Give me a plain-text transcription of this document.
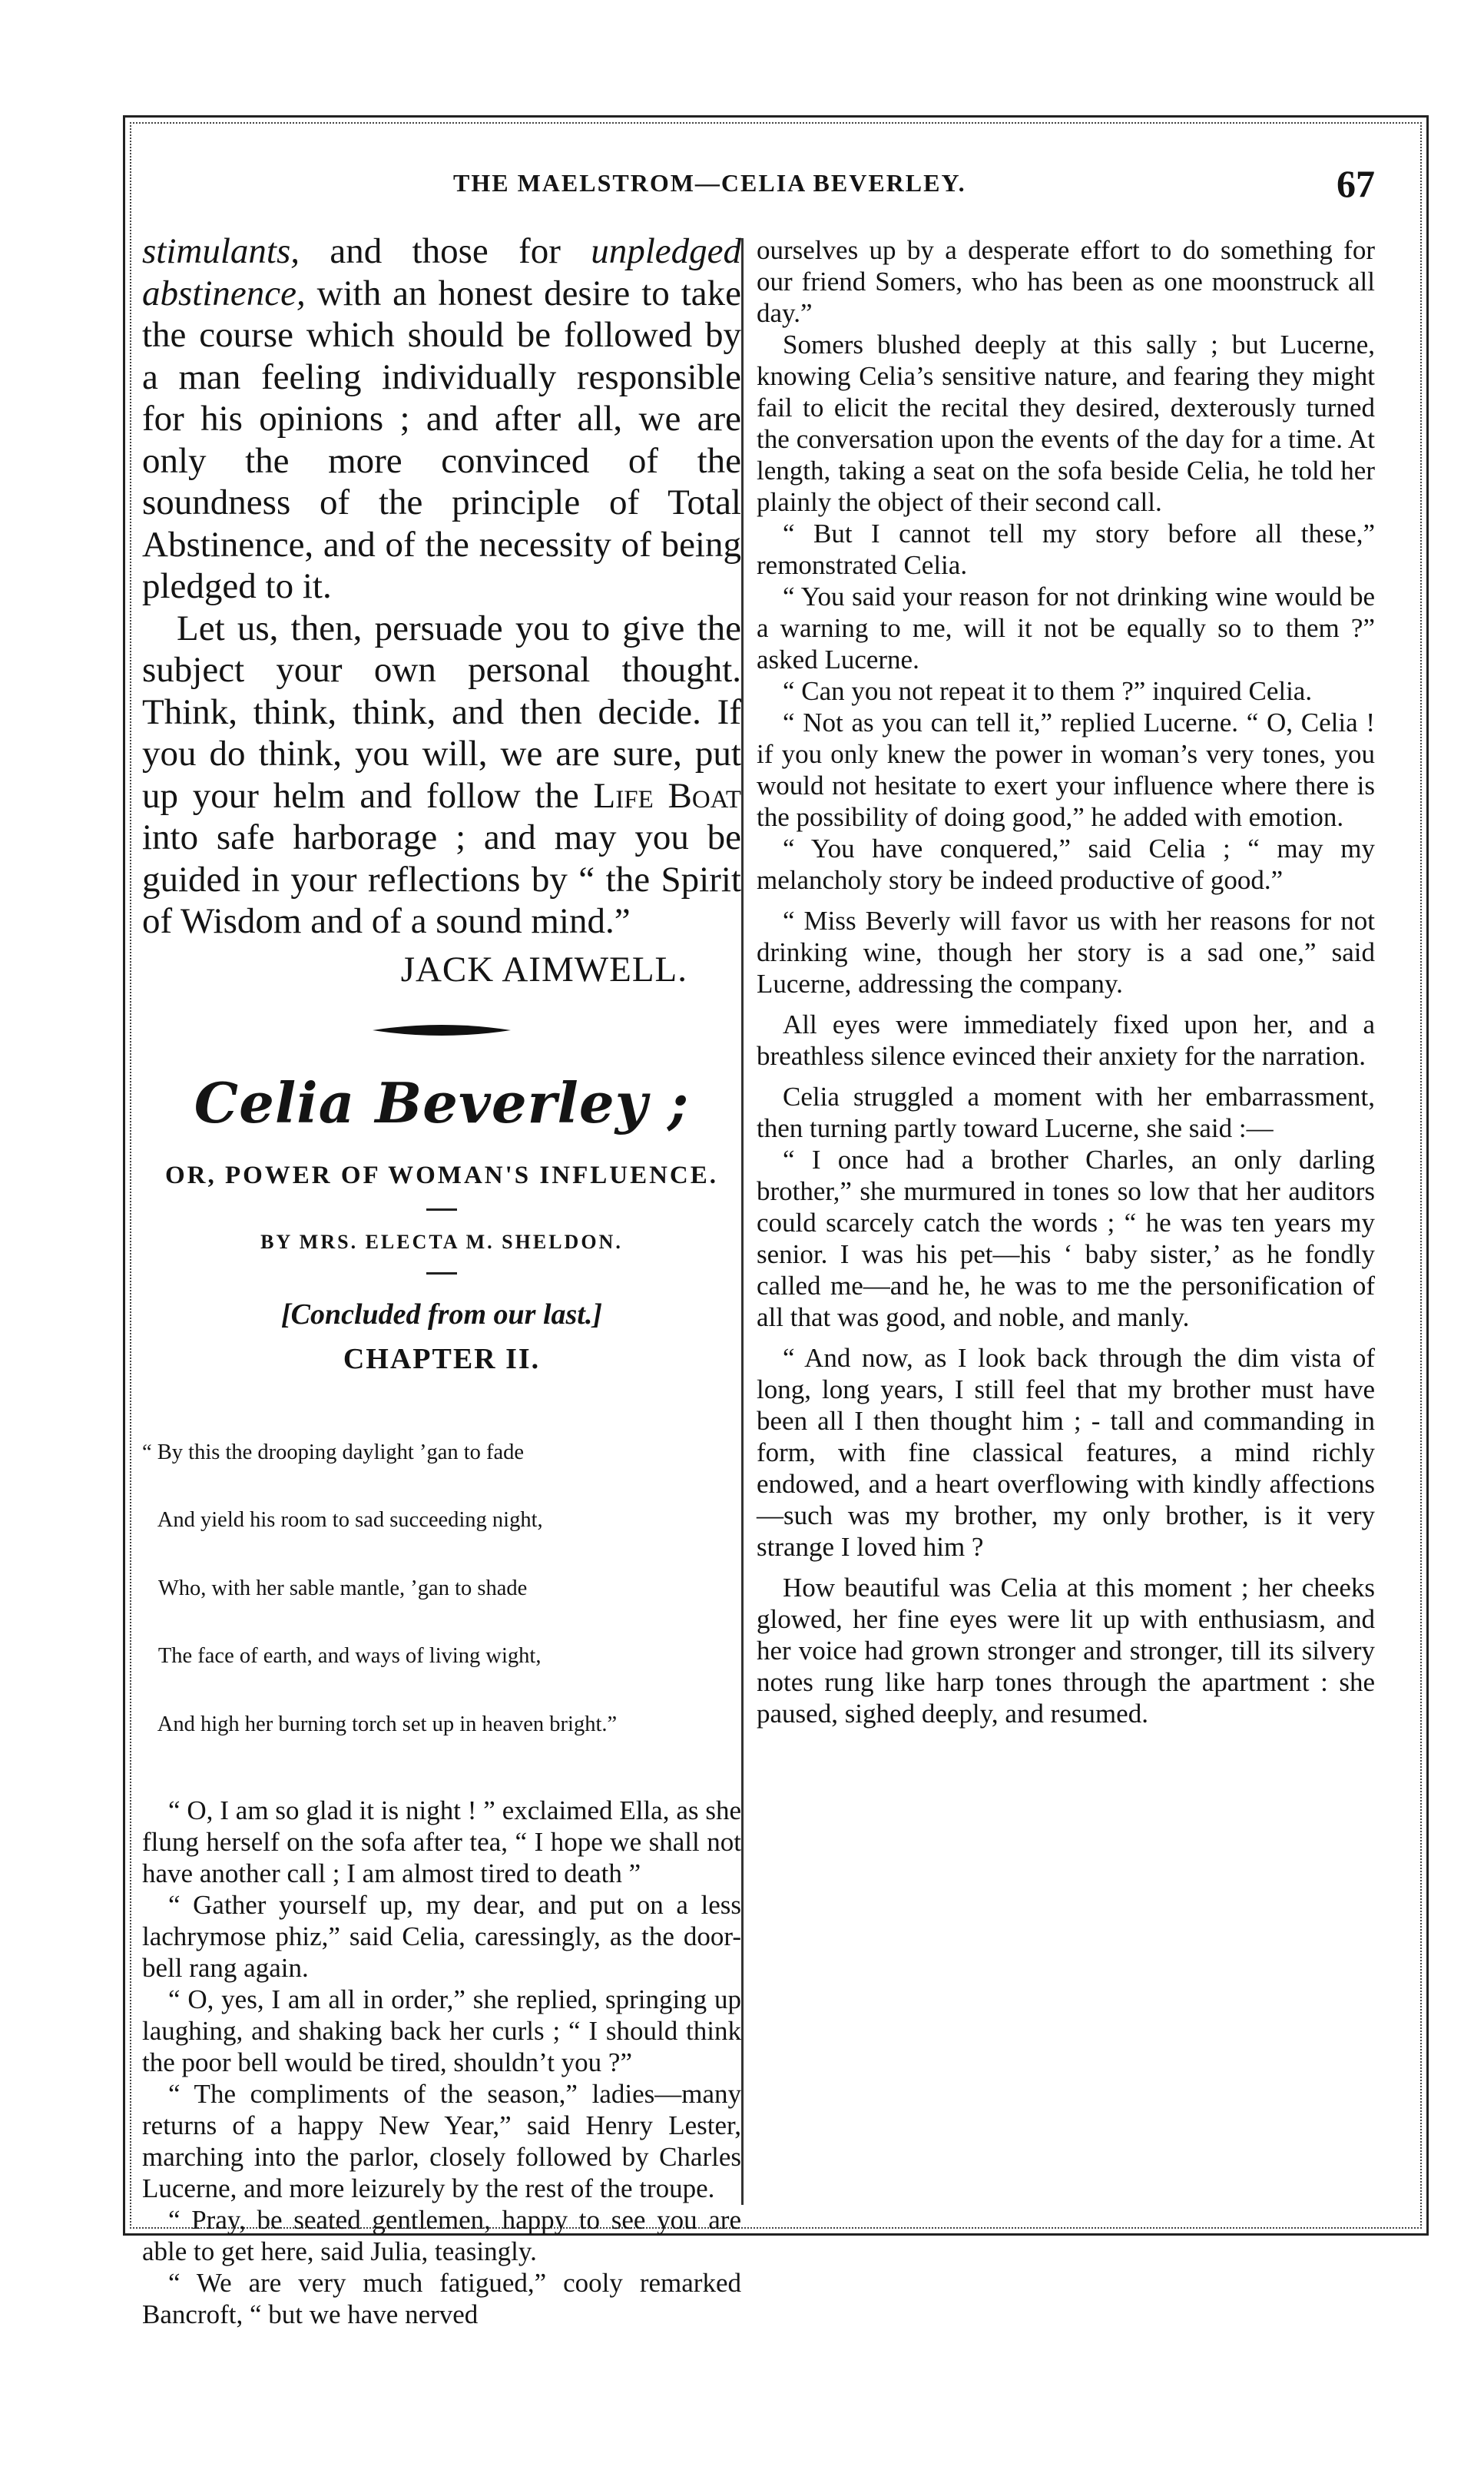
THE MAELSTROM—CELIA BEVERLEY.	67

stimulants, and those for unpledged abstinence, with an honest desire to take the course which should be followed by a man feeling individually responsible for his opinions ; and after all, we are only the more convinced of the soundness of the principle of Total Abstinence, and of the necessity of being pledged to it.

Let us, then, persuade you to give the subject your own personal thought. Think, think, think, and then decide. If you do think, you will, we are sure, put up your helm and follow the Life Boat into safe harborage ; and may you be guided in your reflections by “ the Spirit of Wisdom and of a sound mind.”

JACK AIMWELL.
Celia Beverley ;
OR, POWER OF WOMAN'S INFLUENCE.
BY MRS. ELECTA M. SHELDON.
[Concluded from our last.]
CHAPTER II.

“ By this the drooping daylight ’gan to fade

And yield his room to sad succeeding night,

Who, with her sable mantle, ’gan to shade

The face of earth, and ways of living wight,

And high her burning torch set up in heaven bright.”

“ O, I am so glad it is night ! ” exclaimed Ella, as she flung herself on the sofa after tea, “ I hope we shall not have another call ; I am almost tired to death ”

“ Gather yourself up, my dear, and put on a less lachrymose phiz,” said Celia, caressingly, as the door-bell rang again.

“ O, yes, I am all in order,” she replied, springing up laughing, and shaking back her curls ; “ I should think the poor bell would be tired, shouldn’t you ?”

“ The compliments of the season,” ladies—many returns of a happy New Year,” said Henry Lester, marching into the parlor, closely followed by Charles Lucerne, and more leizurely by the rest of the troupe.

“ Pray, be seated gentlemen, happy to see you are able to get here, said Julia, teasingly.

“ We are very much fatigued,” cooly remarked Bancroft, “ but we have nerved

ourselves up by a desperate effort to do something for our friend Somers, who has been as one moonstruck all day.”

Somers blushed deeply at this sally ; but Lucerne, knowing Celia’s sensitive nature, and fearing they might fail to elicit the recital they desired, dexterously turned the conversation upon the events of the day for a time. At length, taking a seat on the sofa beside Celia, he told her plainly the object of their second call.

“ But I cannot tell my story before all these,” remonstrated Celia.

“ You said your reason for not drinking wine would be a warning to me, will it not be equally so to them ?” asked Lucerne.

“ Can you not repeat it to them ?” inquired Celia.

“ Not as you can tell it,” replied Lucerne. “ O, Celia ! if you only knew the power in woman’s very tones, you would not hesitate to exert your influence where there is the possibility of doing good,” he added with emotion.

“ You have conquered,” said Celia ; “ may my melancholy story be indeed productive of good.”

“ Miss Beverly will favor us with her reasons for not drinking wine, though her story is a sad one,” said Lucerne, addressing the company.

All eyes were immediately fixed upon her, and a breathless silence evinced their anxiety for the narration.

Celia struggled a moment with her embarrassment, then turning partly toward Lucerne, she said :—

“ I once had a brother Charles, an only darling brother,” she murmured in tones so low that her auditors could scarcely catch the words ; “ he was ten years my senior. I was his pet—his ‘ baby sister,’ as he fondly called me—and he, he was to me the personification of all that was good, and noble, and manly.

“ And now, as I look back through the dim vista of long, long years, I still feel that my brother must have been all I then thought him ; - tall and commanding in form, with fine classical features, a mind richly endowed, and a heart overflowing with kindly affections—such was my brother, my only brother, is it very strange I loved him ?

How beautiful was Celia at this moment ; her cheeks glowed, her fine eyes were lit up with enthusiasm, and her voice had grown stronger and stronger, till its silvery notes rung like harp tones through the apartment : she paused, sighed deeply, and resumed.
